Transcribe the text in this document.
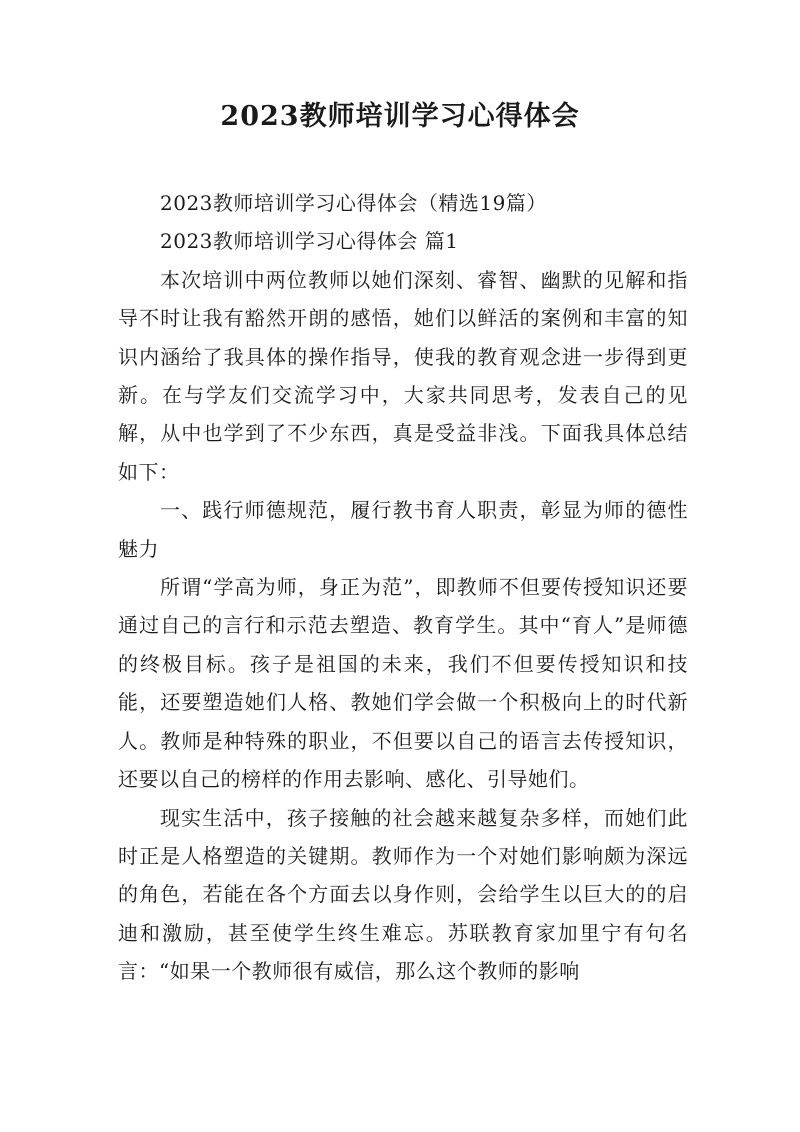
2023教师培训学习心得体会

2023教师培训学习心得体会（精选19篇）

2023教师培训学习心得体会 篇1

本次培训中两位教师以她们深刻、睿智、幽默的见解和指导不时让我有豁然开朗的感悟，她们以鲜活的案例和丰富的知识内涵给了我具体的操作指导，使我的教育观念进一步得到更新。在与学友们交流学习中，大家共同思考，发表自己的见解，从中也学到了不少东西，真是受益非浅。下面我具体总结如下：

一、践行师德规范，履行教书育人职责，彰显为师的德性魅力

所谓“学高为师，身正为范”，即教师不但要传授知识还要通过自己的言行和示范去塑造、教育学生。其中“育人”是师德的终极目标。孩子是祖国的未来，我们不但要传授知识和技能，还要塑造她们人格、教她们学会做一个积极向上的时代新人。教师是种特殊的职业，不但要以自己的语言去传授知识，还要以自己的榜样的作用去影响、感化、引导她们。

现实生活中，孩子接触的社会越来越复杂多样，而她们此时正是人格塑造的关键期。教师作为一个对她们影响颇为深远的角色，若能在各个方面去以身作则，会给学生以巨大的的启迪和激励，甚至使学生终生难忘。苏联教育家加里宁有句名言：“如果一个教师很有威信，那么这个教师的影响
